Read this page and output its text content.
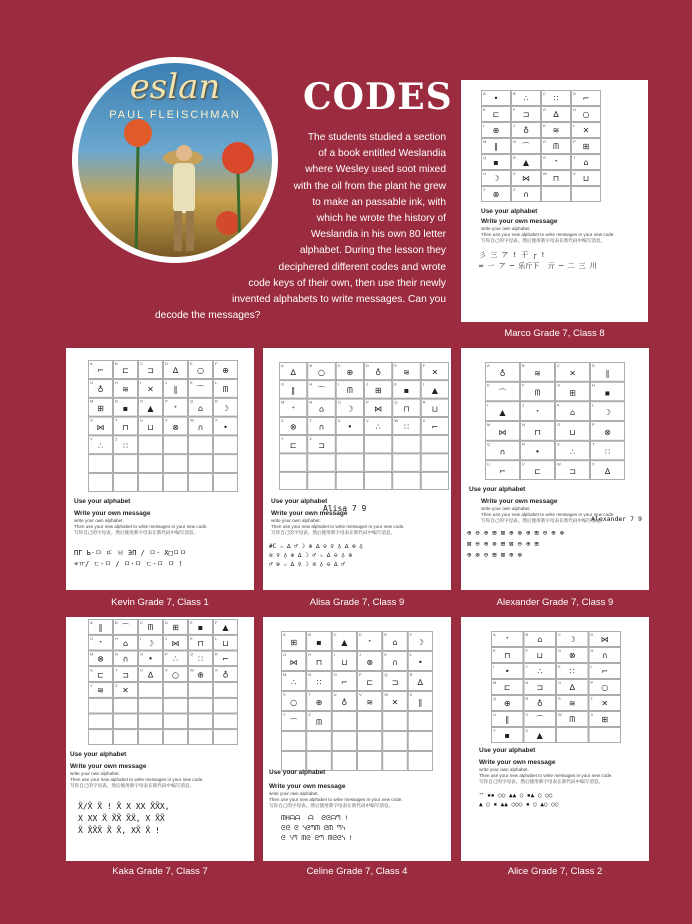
eslan
PAUL FLEISCHMAN	CODES
The students studied a section
of a book entitled Weslandia
where Wesley used soot mixed
with the oil from the plant he grew
to make an passable ink, with
which he wrote the history of
Weslandia in his own 80 letter
alphabet. During the lesson they
deciphered different codes and wrote
code keys of their own, then use their newly
invented alphabets to write messages. Can you
decode the messages?
A
•
B
∴
C
∷
D
⌐
E
⊏
F
⊐
G
∆
H
○
I
⊕
J
♁
K
≋
L
✕
M
∥
N
⌒
O
ᗰ
P
⊞
Q
▪
R
▲
S
ᐩ
T
⌂
U
☽
V
⋈
W
⊓
X
⊔
Y
⊗
Z
∩
Use your alphabet
Write your own message
write your own alphabet.
Then use your new alphabet to write messages in your new code.
写你自己的字母表。然后使用新字母表在新代码中编写消息。
彡 三 ア ! 干 ┌ !
═ 一 ア ─ 乐斤下  亓 ─ 二 三 川
Marco Grade 7, Class 8
A
⌐
B
⊏
C
⊐
D
∆
E
○
F
⊕
G
♁
H
≋
I
✕
J
∥
K
⌒
L
ᗰ
M
⊞
N
▪
O
▲
P
ᐩ
Q
⌂
R
☽
S
⋈
T
⊓
U
⊔
V
⊗
W
∩
X
•
Y
∴
Z
∷
Use your alphabet
Write your own message
write your own alphabet.
Then use your new alphabet to write messages in your new code.
写你自己的字母表。然后使用新字母表在新代码中编写消息。
ΠΓ Ь·ㅁ ㄸ ㅂ ЭΠ / ㅁ· X□ㅁㅁ
+ㅠ/ ㄷ-ㅁ / ㅁ·ㅁ ㄷ-ㅁ ㅁ !
Kevin Grade 7, Class 1
A
∆
B
○
C
⊕
D
♁
E
≋
F
✕
G
∥
H
⌒
I
ᗰ
J
⊞
K
▪
L
▲
M
ᐩ
N
⌂
O
☽
P
⋈
Q
⊓
R
⊔
S
⊗
T
∩
U
•
V
∴
W
∷
X
⌐
Y
⊏
Z
⊐
Use your alphabet
Alisa 7 9
Write your own message
write your own alphabet.
Then use your new alphabet to write messages in your new code.
写你自己的字母表。然后使用新字母表在新代码中编写消息。
#C ☆ ∆ ♂ ☽ ⊕ ∆ ⊖ ♀ ♁ ∆ ⊕ ♁
≋ ♀ ♁ ⊕ ∆ ☽ ♂ ☆ ∆ ⊖ ♁ ⊕
♂ ⊕ ☆ ∆ ♀ ☽ ≋ ♁ ⊖ ∆ ♂
Alisa Grade 7, Class 9
A
♁
B
≋
C
✕
D
∥
E
⌒
F
ᗰ
G
⊞
H
▪
I
▲
J
ᐩ
K
⌂
L
☽
M
⋈
N
⊓
O
⊔
P
⊗
Q
∩
R
•
S
∴
T
∷
U
⌐
V
⊏
W
⊐
X
∆
Use your alphabet
Write your own message
write your own alphabet.
Then use your new alphabet to write messages in your new code.
写你自己的字母表。然后使用新字母表在新代码中编写消息。
Alexander 7 9
⊕ ⊖ ⊕ ⊞ ⊠ ⊕ ⊗ ⊕ ⊞ ⊖ ⊕ ⊗
⊠ ⊖ ⊕ ⊗ ⊞ ⊠ ⊖ ⊕ ⊞
⊕ ⊗ ⊖ ⊞ ⊠ ⊕ ⊗
Alexander Grade 7, Class 9
A
∥
B
⌒
C
ᗰ
D
⊞
E
▪
F
▲
G
ᐩ
H
⌂
I
☽
J
⋈
K
⊓
L
⊔
M
⊗
N
∩
O
•
P
∴
Q
∷
R
⌐
S
⊏
T
⊐
U
∆
V
○
W
⊕
X
♁
Y
≋
Z
✕
Use your alphabet
Write your own message
write your own alphabet.
Then use your new alphabet to write messages in your new code.
写你自己的字母表。然后使用新字母表在新代码中编写消息。
X̃/X̃ X̃ ! X̃ X XX X̃X̃X,
X XX X̃ X̃X̃ X̃X̃, X X̃X̃
X̃ X̃X̃X̃ X̃ X̃, XX̃ X̃ !
Kaka Grade 7, Class 7
A
⊞
B
▪
C
▲
D
ᐩ
E
⌂
F
☽
G
⋈
H
⊓
I
⊔
J
⊗
K
∩
L
•
M
∴
N
∷
O
⌐
P
⊏
Q
⊐
R
∆
S
○
T
⊕
U
♁
V
≋
W
✕
X
∥
Y
⌒
Z
ᗰ
Use your alphabet
Write your own message
write your own alphabet.
Then use your new alphabet to write messages in your new code.
写你自己的字母表。然后使用新字母表在新代码中编写消息。
ᗰᕼᗩᗩ  ᗩ  ᘓᘓᗩᘉ !
ᘓᘓ ᘓ ᓭᘓᘉᗰ ᘓᗰ ᘉᓭ
ᘓ ᓭᘉ ᗰᘓ ᘓᘉ ᗰᘓᘓᓭ !
Celine Grade 7, Class 4
A
ᐩ
B
⌂
C
☽
D
⋈
E
⊓
F
⊔
G
⊗
H
∩
I
•
J
∴
K
∷
L
⌐
M
⊏
N
⊐
O
∆
P
○
Q
⊕
R
♁
S
≋
T
✕
U
∥
V
⌒
W
ᗰ
X
⊞
Y
▪
Z
▲
Use your alphabet
Write your own message
write your own alphabet.
Then use your new alphabet to write messages in your new code.
写你自己的字母表。然后使用新字母表在新代码中编写消息。
ᐩᐩ ▪▪ ○○ ▲▲ ○ ▪▲ ○ ○○
▲ ○ ▪ ▲▲ ○○○ ▪ ○ ▲○ ○○
Alice Grade 7, Class 2
